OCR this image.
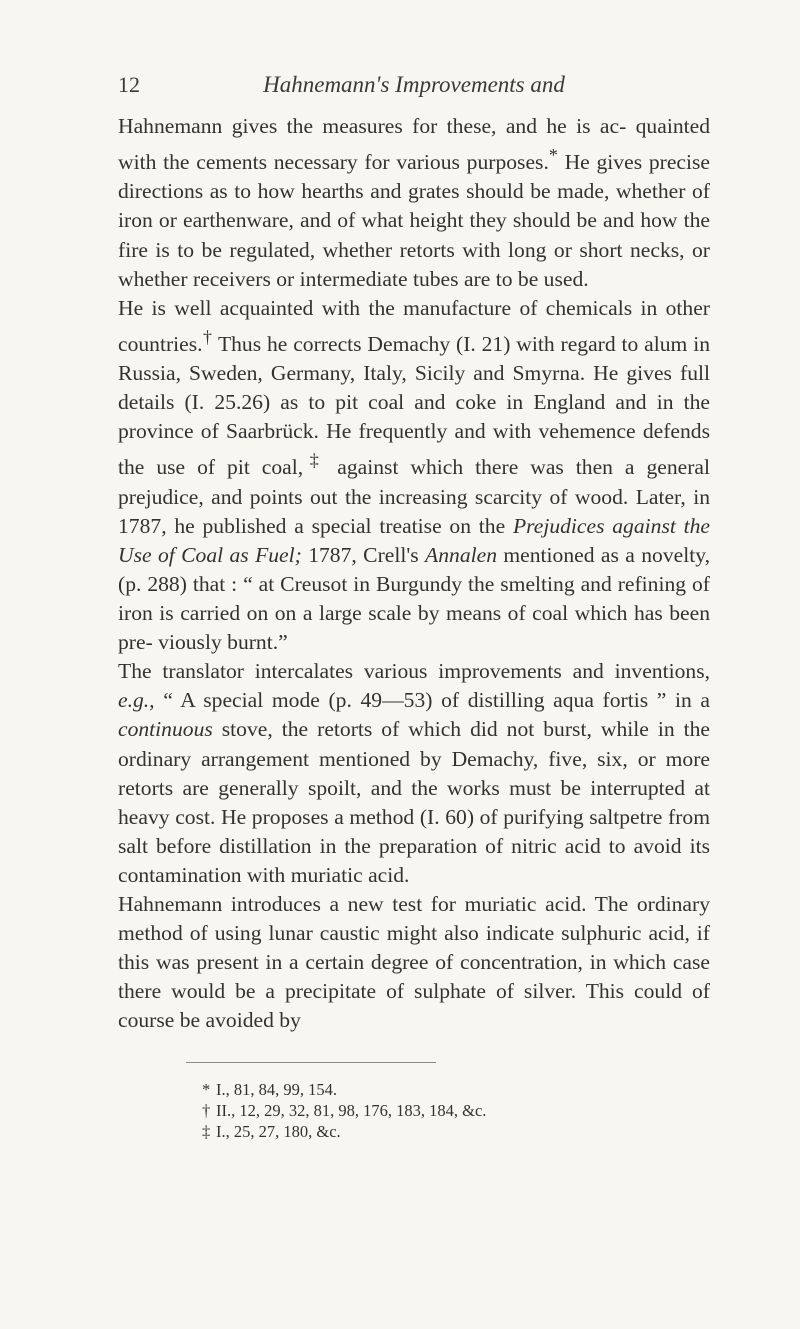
12	Hahnemann's Improvements and

Hahnemann gives the measures for these, and he is ac- quainted with the cements necessary for various purposes.* He gives precise directions as to how hearths and grates should be made, whether of iron or earthenware, and of what height they should be and how the fire is to be regulated, whether retorts with long or short necks, or whether receivers or intermediate tubes are to be used.

He is well acquainted with the manufacture of chemicals in other countries.† Thus he corrects Demachy (I. 21) with regard to alum in Russia, Sweden, Germany, Italy, Sicily and Smyrna. He gives full details (I. 25.26) as to pit coal and coke in England and in the province of Saarbrück. He frequently and with vehemence defends the use of pit coal,‡ against which there was then a general prejudice, and points out the increasing scarcity of wood. Later, in 1787, he published a special treatise on the Prejudices against the Use of Coal as Fuel; 1787, Crell's Annalen mentioned as a novelty, (p. 288) that : “ at Creusot in Burgundy the smelting and refining of iron is carried on on a large scale by means of coal which has been pre- viously burnt.”

The translator intercalates various improvements and inventions, e.g., “ A special mode (p. 49—53) of distilling aqua fortis ” in a continuous stove, the retorts of which did not burst, while in the ordinary arrangement mentioned by Demachy, five, six, or more retorts are generally spoilt, and the works must be interrupted at heavy cost. He proposes a method (I. 60) of purifying saltpetre from salt before distillation in the preparation of nitric acid to avoid its contamination with muriatic acid.

Hahnemann introduces a new test for muriatic acid. The ordinary method of using lunar caustic might also indicate sulphuric acid, if this was present in a certain degree of concentration, in which case there would be a precipitate of sulphate of silver. This could of course be avoided by

* I., 81, 84, 99, 154.
† II., 12, 29, 32, 81, 98, 176, 183, 184, &c.
‡ I., 25, 27, 180, &c.
